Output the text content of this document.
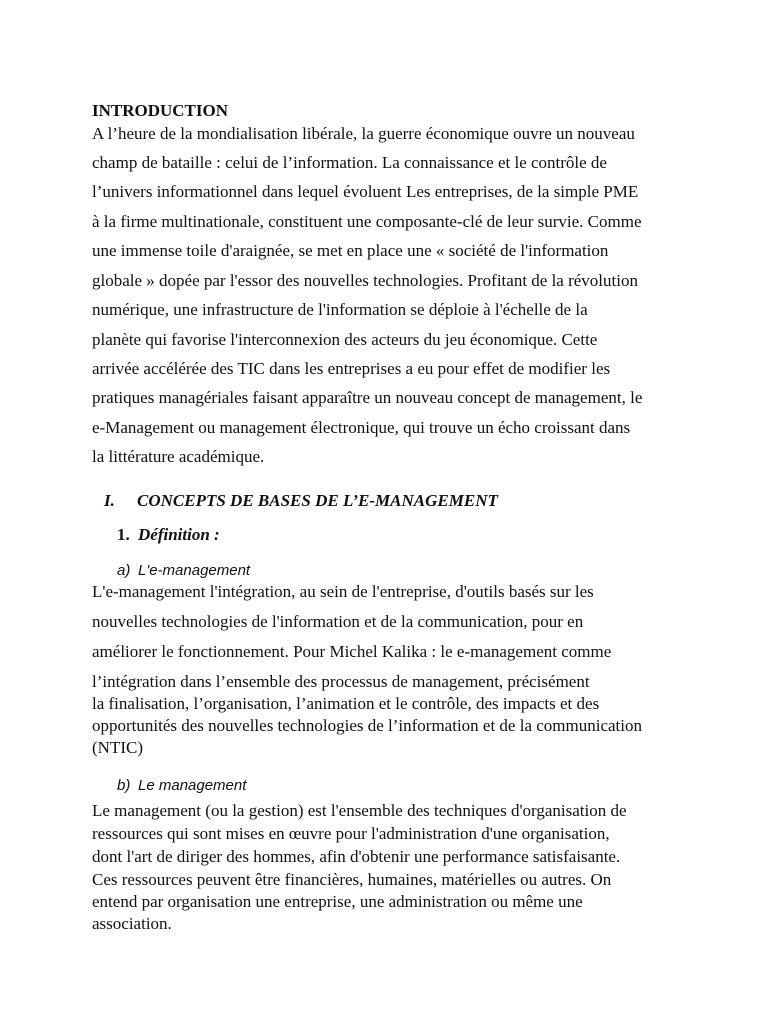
INTRODUCTION

A l’heure de la mondialisation libérale, la guerre économique ouvre un nouveau

champ de bataille : celui de l’information. La connaissance et le contrôle de

l’univers informationnel dans lequel évoluent Les entreprises, de la simple PME

à la firme multinationale, constituent une composante-clé de leur survie. Comme

une immense toile d'araignée, se met en place une « société de l'information

globale » dopée par l'essor des nouvelles technologies. Profitant de la révolution

numérique, une infrastructure de l'information se déploie à l'échelle de la

planète qui favorise l'interconnexion des acteurs du jeu économique. Cette

arrivée accélérée des TIC dans les entreprises a eu pour effet de modifier les

pratiques managériales faisant apparaître un nouveau concept de management, le

e-Management ou management électronique, qui trouve un écho croissant dans

la littérature académique.

I. CONCEPTS DE BASES DE L’E-MANAGEMENT

1. Définition :

a) L'e-management

L'e-management l'intégration, au sein de l'entreprise, d'outils basés sur les

nouvelles technologies de l'information et de la communication, pour en

améliorer le fonctionnement. Pour Michel Kalika : le e-management comme

l’intégration dans l’ensemble des processus de management, précisément

la finalisation, l’organisation, l’animation et le contrôle, des impacts et des

opportunités des nouvelles technologies de l’information et de la communication

(NTIC)

b) Le management

Le management (ou la gestion) est l'ensemble des techniques d'organisation de

ressources qui sont mises en œuvre pour l'administration d'une organisation,

dont l'art de diriger des hommes, afin d'obtenir une performance satisfaisante.

Ces ressources peuvent être financières, humaines, matérielles ou autres. On

entend par organisation une entreprise, une administration ou même une

association.
